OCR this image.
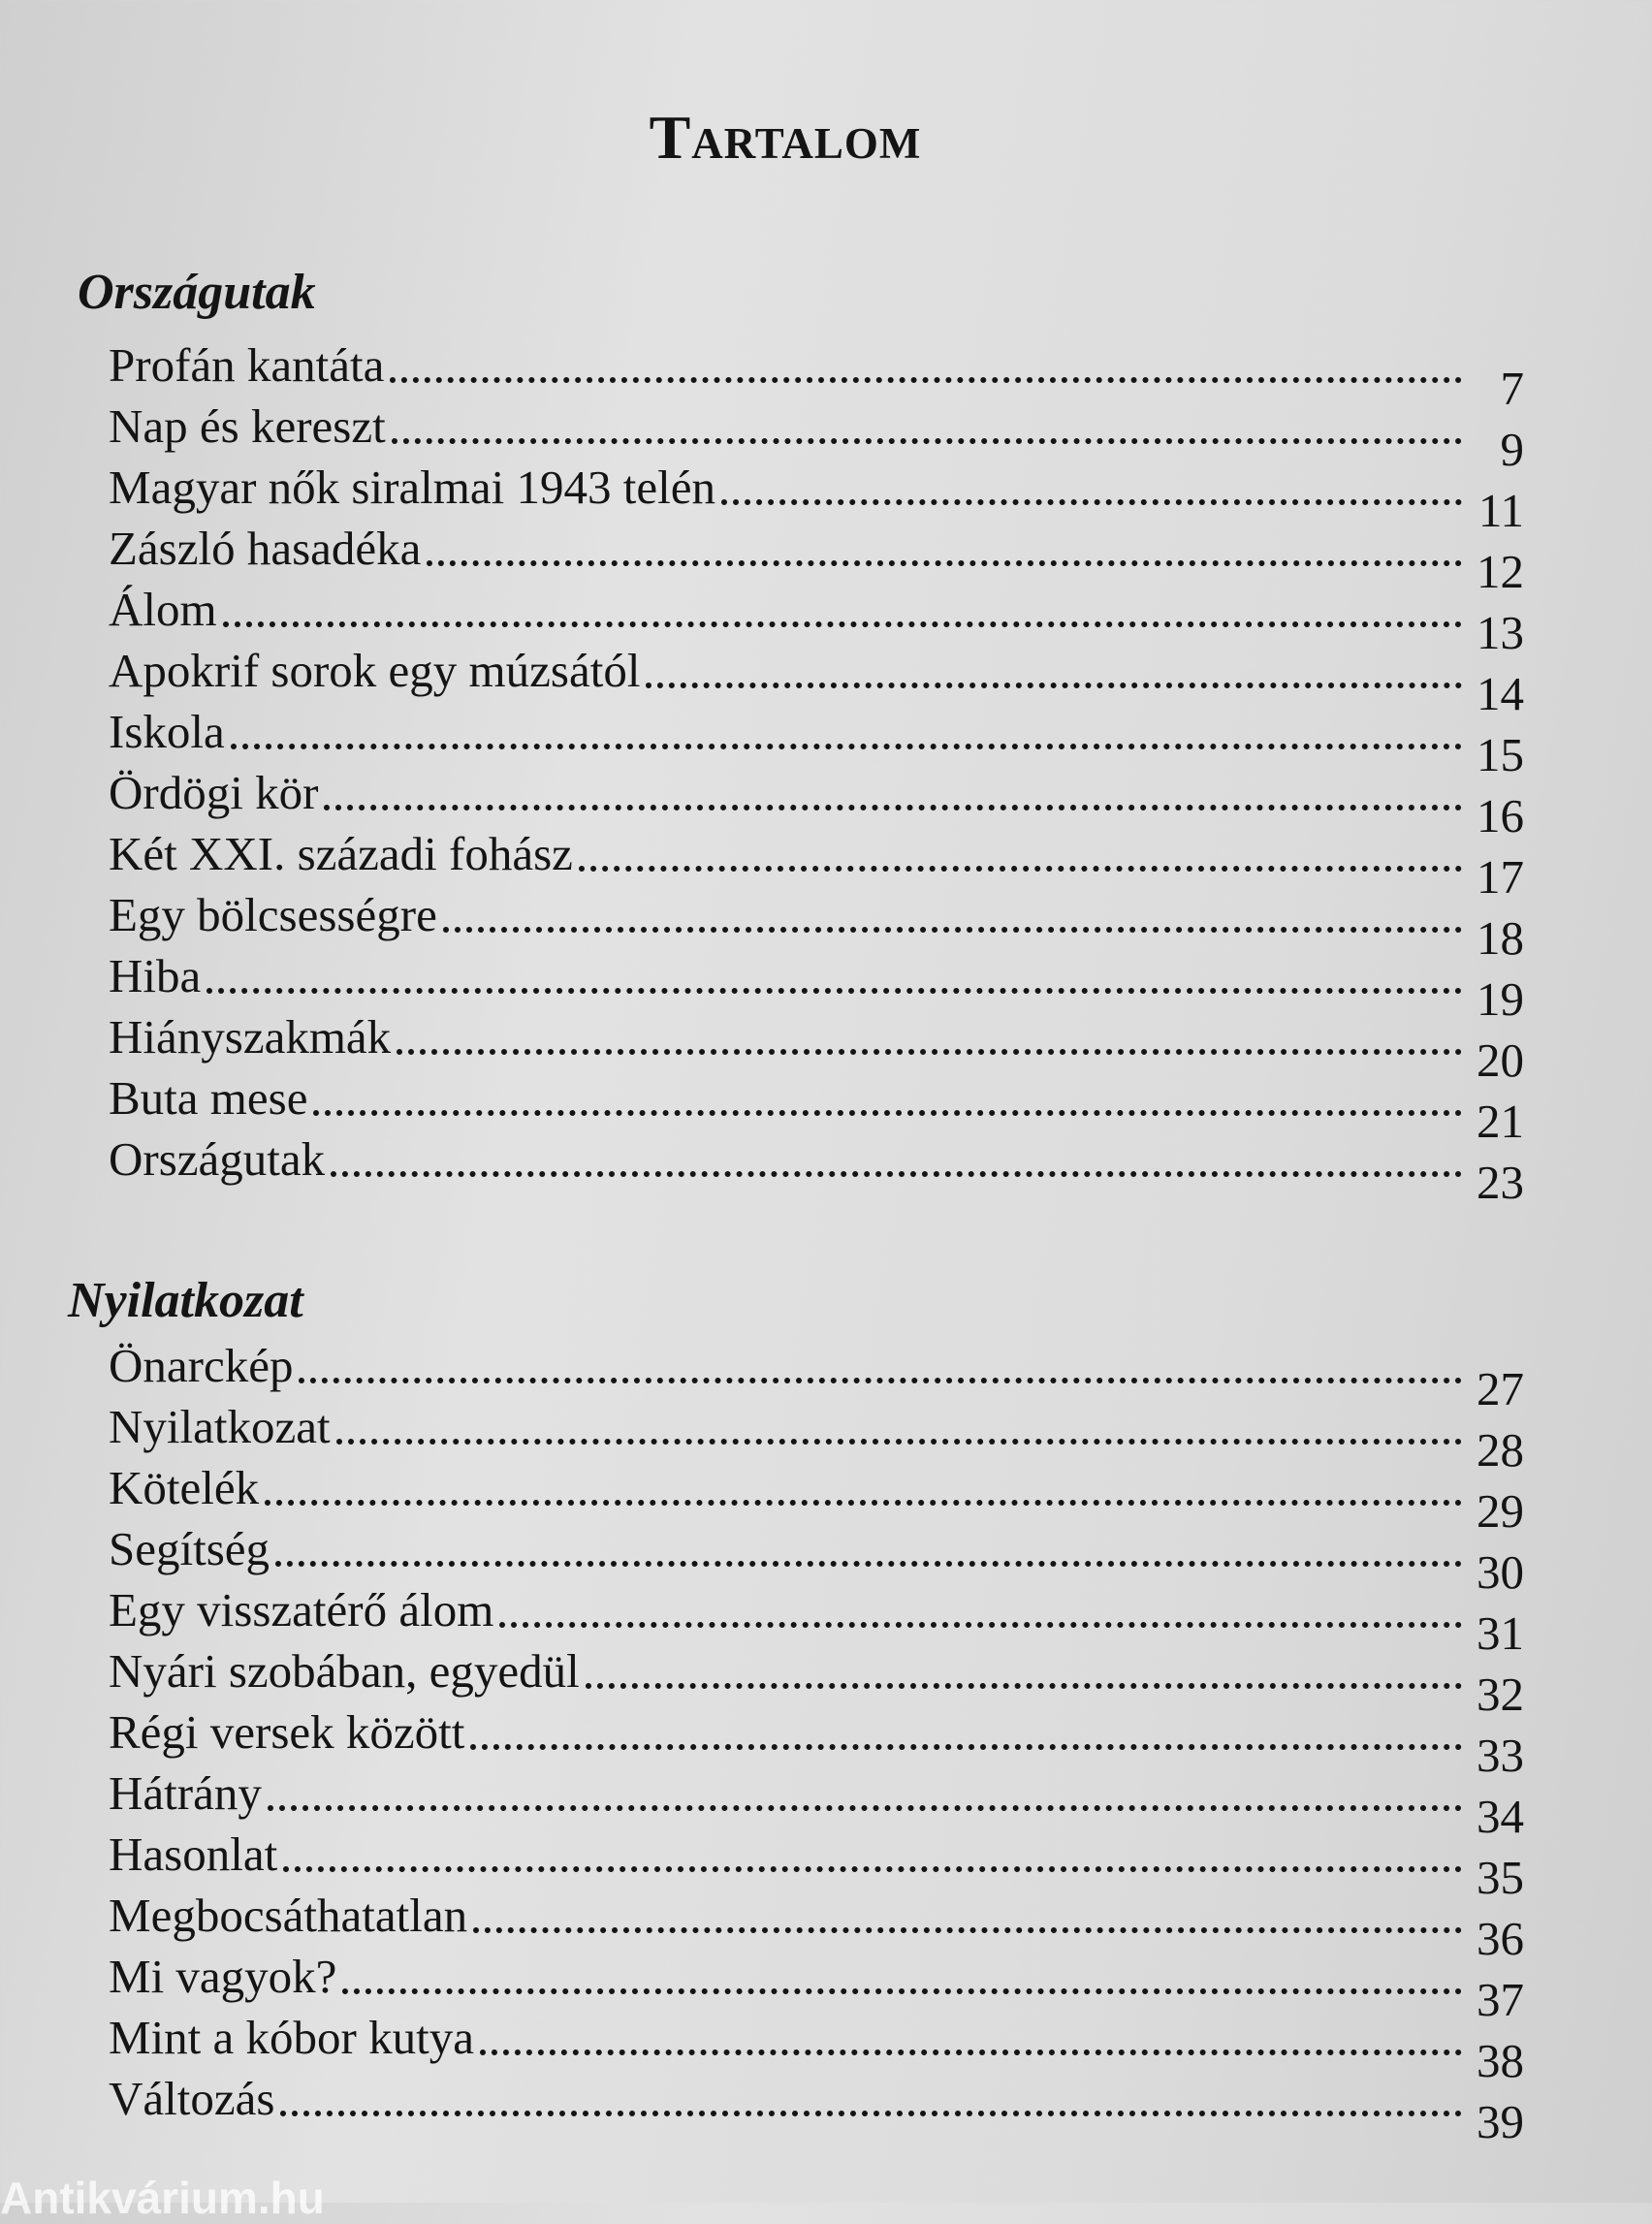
Tartalom
Országutak
Profán kantáta	7
Nap és kereszt	9
Magyar nők siralmai 1943 telén	11
Zászló hasadéka	12
Álom	13
Apokrif sorok egy múzsától	14
Iskola	15
Ördögi kör	16
Két XXI. századi fohász	17
Egy bölcsességre	18
Hiba	19
Hiányszakmák	20
Buta mese	21
Országutak	23
Nyilatkozat
Önarckép	27
Nyilatkozat	28
Kötelék	29
Segítség	30
Egy visszatérő álom	31
Nyári szobában, egyedül	32
Régi versek között	33
Hátrány	34
Hasonlat	35
Megbocsáthatatlan	36
Mi vagyok?	37
Mint a kóbor kutya	38
Változás	39
Antikvárium.hu
